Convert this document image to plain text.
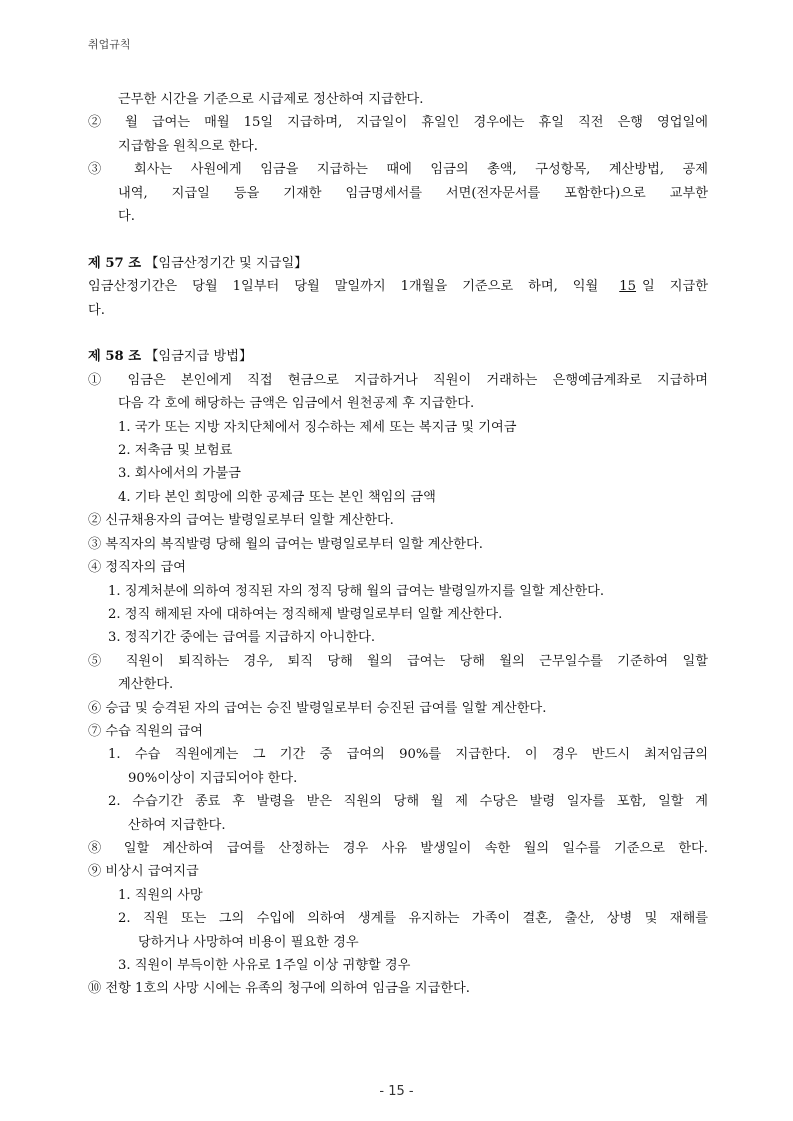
취업규칙

근무한 시간을 기준으로 시급제로 정산하여 지급한다.

② 월 급여는 매월 15일 지급하며, 지급일이 휴일인 경우에는 휴일 직전 은행 영업일에

지급함을 원칙으로 한다.

③ 회사는 사원에게 임금을 지급하는 때에 임금의 총액, 구성항목, 계산방법, 공제

내역, 지급일 등을 기재한 임금명세서를 서면(전자문서를 포함한다)으로 교부한

다.

제 57 조 【임금산정기간 및 지급일】

임금산정기간은 당월 1일부터 당월 말일까지 1개월을 기준으로 하며, 익월 15 일 지급한

다.

제 58 조 【임금지급 방법】

① 임금은 본인에게 직접 현금으로 지급하거나 직원이 거래하는 은행예금계좌로 지급하며

다음 각 호에 해당하는 금액은 임금에서 원천공제 후 지급한다.

1. 국가 또는 지방 자치단체에서 징수하는 제세 또는 복지금 및 기여금

2. 저축금 및 보험료

3. 회사에서의 가불금

4. 기타 본인 희망에 의한 공제금 또는 본인 책임의 금액

② 신규채용자의 급여는 발령일로부터 일할 계산한다.

③ 복직자의 복직발령 당해 월의 급여는 발령일로부터 일할 계산한다.

④ 정직자의 급여

1. 징계처분에 의하여 정직된 자의 정직 당해 월의 급여는 발령일까지를 일할 계산한다.

2. 정직 해제된 자에 대하여는 정직해제 발령일로부터 일할 계산한다.

3. 정직기간 중에는 급여를 지급하지 아니한다.

⑤ 직원이 퇴직하는 경우, 퇴직 당해 월의 급여는 당해 월의 근무일수를 기준하여 일할

계산한다.

⑥ 승급 및 승격된 자의 급여는 승진 발령일로부터 승진된 급여를 일할 계산한다.

⑦ 수습 직원의 급여

1. 수습 직원에게는 그 기간 중 급여의 90%를 지급한다. 이 경우 반드시 최저임금의

90%이상이 지급되어야 한다.

2. 수습기간 종료 후 발령을 받은 직원의 당해 월 제 수당은 발령 일자를 포함, 일할 계

산하여 지급한다.

⑧ 일할 계산하여 급여를 산정하는 경우 사유 발생일이 속한 월의 일수를 기준으로 한다.

⑨ 비상시 급여지급

1. 직원의 사망

2. 직원 또는 그의 수입에 의하여 생계를 유지하는 가족이 결혼, 출산, 상병 및 재해를

당하거나 사망하여 비용이 필요한 경우

3. 직원이 부득이한 사유로 1주일 이상 귀향할 경우

⑩ 전항 1호의 사망 시에는 유족의 청구에 의하여 임금을 지급한다.

- 15 -
